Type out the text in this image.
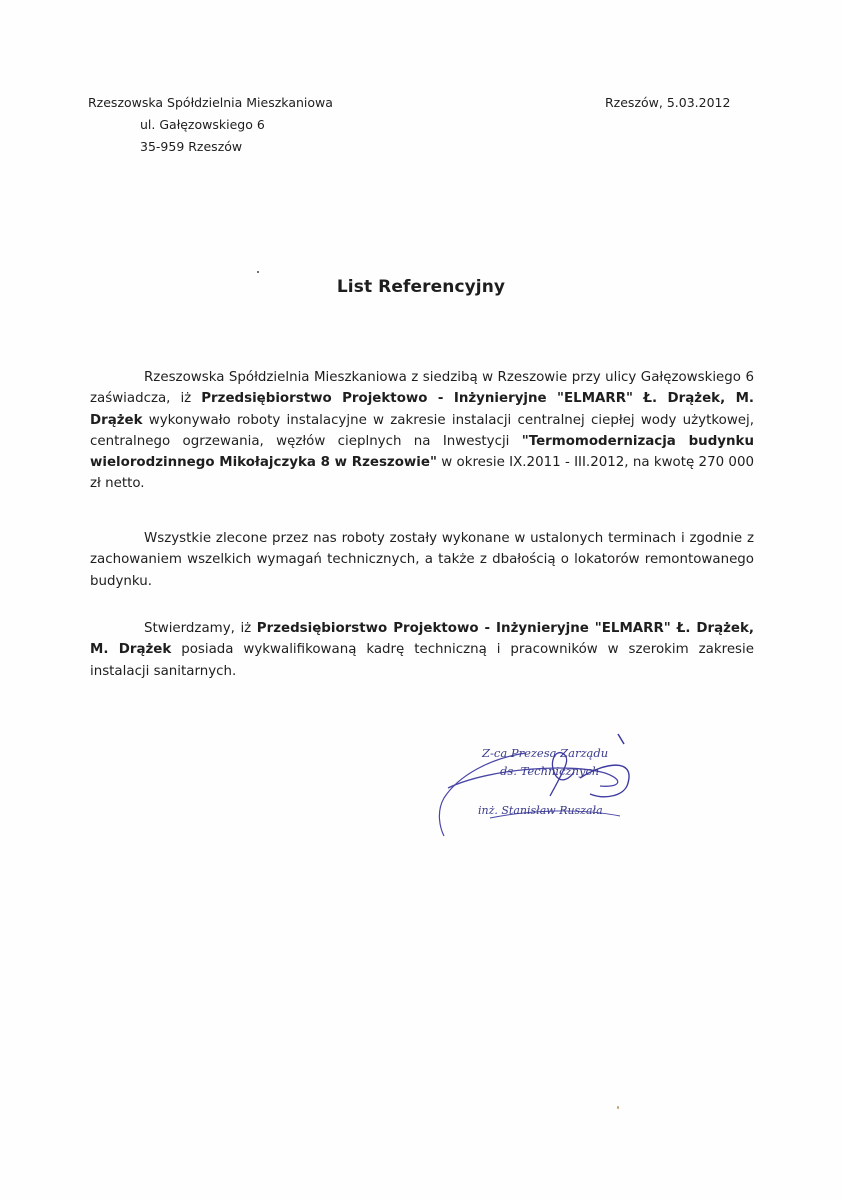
Rzeszowska Spółdzielnia Mieszkaniowa
ul. Gałęzowskiego 6
35-959 Rzeszów
Rzeszów, 5.03.2012
List Referencyjny

Rzeszowska Spółdzielnia Mieszkaniowa z siedzibą w Rzeszowie przy ulicy Gałęzowskiego 6 zaświadcza, iż Przedsiębiorstwo Projektowo - Inżynieryjne "ELMARR" Ł. Drążek, M. Drążek wykonywało roboty instalacyjne w zakresie instalacji centralnej ciepłej wody użytkowej, centralnego ogrzewania, węzłów cieplnych na Inwestycji "Termomodernizacja budynku wielorodzinnego Mikołajczyka 8 w Rzeszowie" w okresie IX.2011 - III.2012, na kwotę 270 000 zł netto.

Wszystkie zlecone przez nas roboty zostały wykonane w ustalonych terminach i zgodnie z zachowaniem wszelkich wymagań technicznych, a także z dbałością o lokatorów remontowanego budynku.

Stwierdzamy, iż Przedsiębiorstwo Projektowo - Inżynieryjne "ELMARR" Ł. Drążek, M. Drążek posiada wykwalifikowaną kadrę techniczną i pracowników w szerokim zakresie instalacji sanitarnych.

Z-ca Prezesa Zarządu
ds. Technicznych
inż. Stanisław Ruszała
